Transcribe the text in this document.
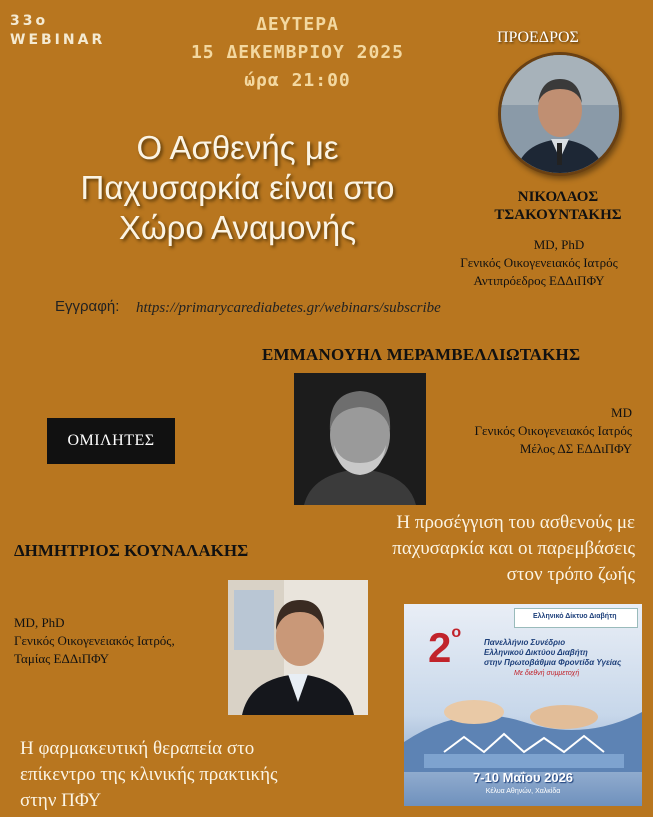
33ο
WEBINAR
ΔΕΥΤΕΡΑ
15 ΔΕΚΕΜΒΡΙΟΥ 2025
ώρα 21:00
Ο Ασθενής με
Παχυσαρκία είναι στο
Χώρο Αναμονής
ΠΡΟΕΔΡΟΣ
ΝΙΚΟΛΑΟΣ
ΤΣΑΚΟΥΝΤΑΚΗΣ
MD, PhD
Γενικός Οικογενειακός Ιατρός
Αντιπρόεδρος ΕΔΔιΠΦΥ
Εγγραφή: https://primarycarediabetes.gr/webinars/subscribe
ΕΜΜΑΝΟΥΗΛ ΜΕΡΑΜΒΕΛΛΙΩΤΑΚΗΣ
MD
Γενικός Οικογενειακός Ιατρός
Μέλος ΔΣ ΕΔΔιΠΦΥ
Η προσέγγιση του ασθενούς με
παχυσαρκία και οι παρεμβάσεις
στον τρόπο ζωής
ΟΜΙΛΗΤΕΣ
ΔΗΜΗΤΡΙΟΣ ΚΟΥΝΑΛΑΚΗΣ
MD, PhD
Γενικός Οικογενειακός Ιατρός,
Ταμίας ΕΔΔιΠΦΥ
Η φαρμακευτική θεραπεία στο
επίκεντρο της κλινικής πρακτικής
στην ΠΦΥ
Ελληνικό Δίκτυο Διαβήτη
$2^o$
Πανελλήνιο Συνέδριο
Ελληνικού Δικτύου Διαβήτη
στην Πρωτοβάθμια Φροντίδα Υγείας
Με διεθνή συμμετοχή
7-10 Μαΐου 2026
Κέλυα Αθηνών, Χαλκίδα
